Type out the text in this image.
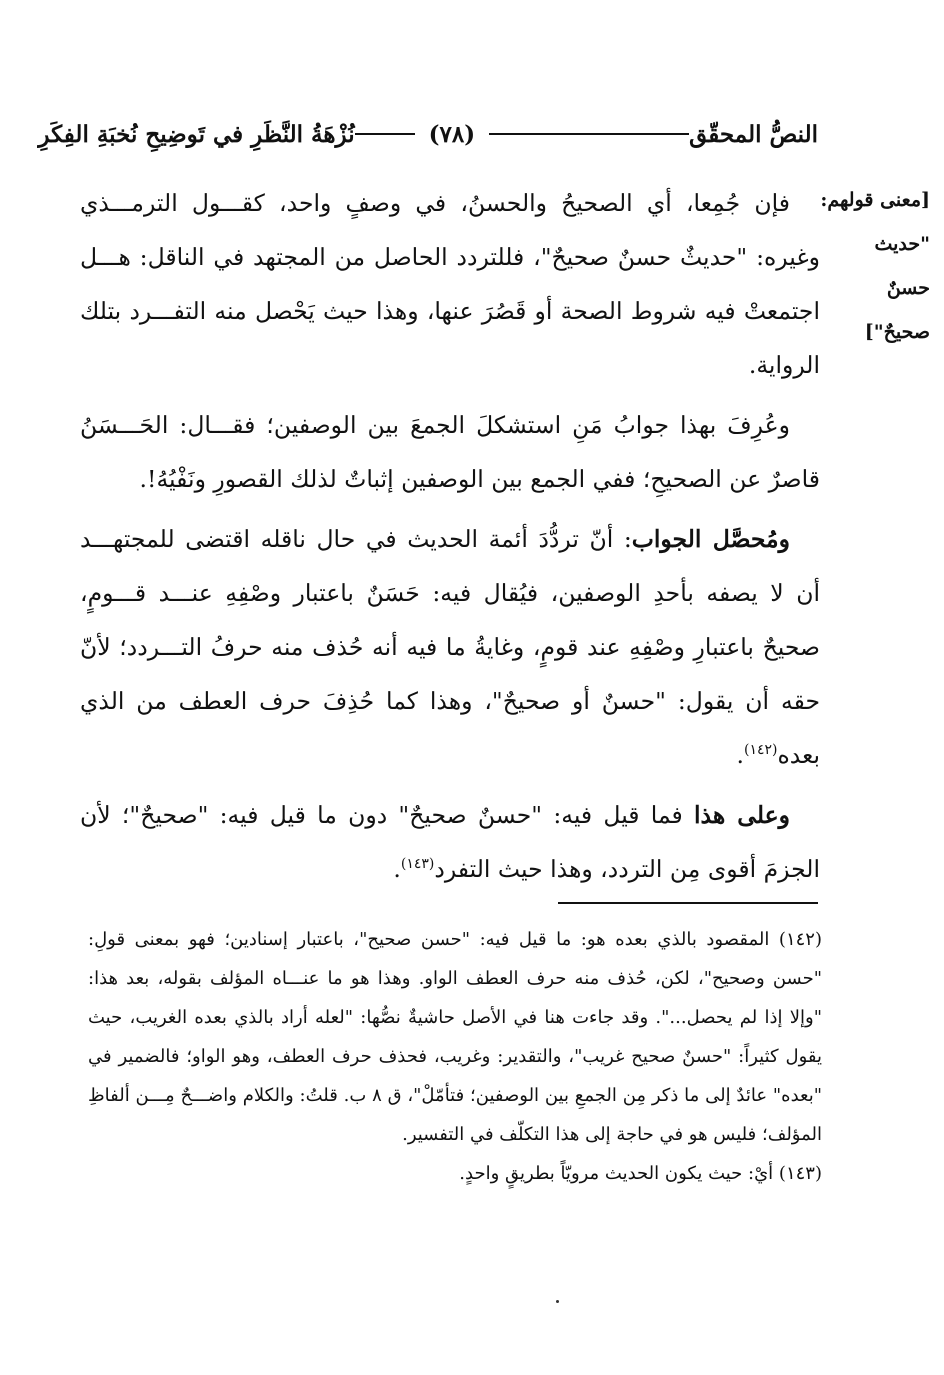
النصُّ المحقّق
(٧٨)
نُزْهَةُ النَّظَرِ في تَوضِيحِ نُخبَةِ الفِكَرِ
[معنى قولهم:
"حديث
حسنٌ
صحيحٌ"]

فإن جُمِعا، أي الصحيحُ والحسنُ، في وصفٍ واحد، كقـــول الترمـــذي وغيره: "حديثٌ حسنٌ صحيحٌ"، فللتردد الحاصل من المجتهد في الناقل: هـــل اجتمعتْ فيه شروط الصحة أو قَصُرَ عنها، وهذا حيث يَحْصل منه التفـــرد بتلك الرواية.

وعُرِفَ بهذا جوابُ مَنِ استشكلَ الجمعَ بين الوصفين؛ فقـــال: الحَـــسَنُ قاصرٌ عن الصحيحِ؛ ففي الجمع بين الوصفين إثباتٌ لذلك القصورِ ونَفْيُهُ!.

ومُحصَّل الجواب: أنّ تردُّدَ أئمة الحديث في حال ناقله اقتضى للمجتهـــد أن لا يصفه بأحدِ الوصفين، فيُقال فيه: حَسَنٌ باعتبار وصْفِهِ عنـــد قـــومٍ، صحيحٌ باعتبارِ وصْفِهِ عند قومٍ، وغايةُ ما فيه أنه حُذف منه حرفُ التـــردد؛ لأنّ حقه أن يقول: "حسنٌ أو صحيحٌ"، وهذا كما حُذِفَ حرف العطف من الذي بعده$^{(١٤٢)}$.

وعلى هذا فما قيل فيه: "حسنٌ صحيحٌ" دون ما قيل فيه: "صحيحٌ"؛ لأن الجزمَ أقوى مِن التردد، وهذا حيث التفرد$^{(١٤٣)}$.

(١٤٢) المقصود بالذي بعده هو: ما قيل فيه: "حسن صحيح"، باعتبار إسنادين؛ فهو بمعنى قولِ: "حسن وصحيح"، لكن، حُذف منه حرف العطف الواو. وهذا هو ما عنـــاه المؤلف بقوله، بعد هذا: "وإلا إذا لم يحصل...". وقد جاءت هنا في الأصل حاشيةٌ نصُّها: "لعله أراد بالذي بعده الغريب، حيث يقول كثيراً: "حسنٌ صحيح غريب"، والتقدير: وغريب، فحذف حرف العطف، وهو الواو؛ فالضمير في "بعده" عائدٌ إلى ما ذكر مِن الجمعِ بين الوصفين؛ فتأمّلْ"، ق ٨ ب. قلتُ: والكلام واضـــحٌ مِـــن ألفاظِ المؤلف؛ فليس هو في حاجة إلى هذا التكلّف في التفسير.

(١٤٣) أيْ: حيث يكون الحديث مرويّاً بطريقٍ واحدٍ.
